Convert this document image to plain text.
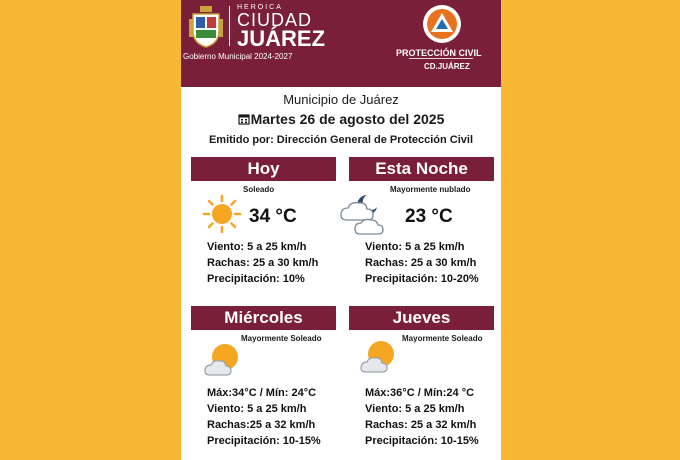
HEROICA
CIUDAD
JUÁREZ
Gobierno Municipal 2024-2027	PROTECCIÓN CIVIL
CD.JUÁREZ
Municipio de Juárez
Martes 26 de agosto del 2025
Emitido por: Dirección General de Protección Civil
Hoy
Soleado
34 °C
Viento: 5 a 25 km/h
Rachas: 25 a 30 km/h
Precipitación: 10%
Esta Noche
Mayormente nublado
23 °C
Viento: 5 a 25 km/h
Rachas: 25 a 30 km/h
Precipitación: 10-20%
Miércoles
Mayormente Soleado
Máx:34°C / Mín: 24°C
Viento: 5 a 25 km/h
Rachas:25 a 32 km/h
Precipitación: 10-15%
Jueves
Mayormente Soleado
Máx:36°C / Mín:24 °C
Viento: 5 a 25 km/h
Rachas: 25 a 32 km/h
Precipitación: 10-15%
